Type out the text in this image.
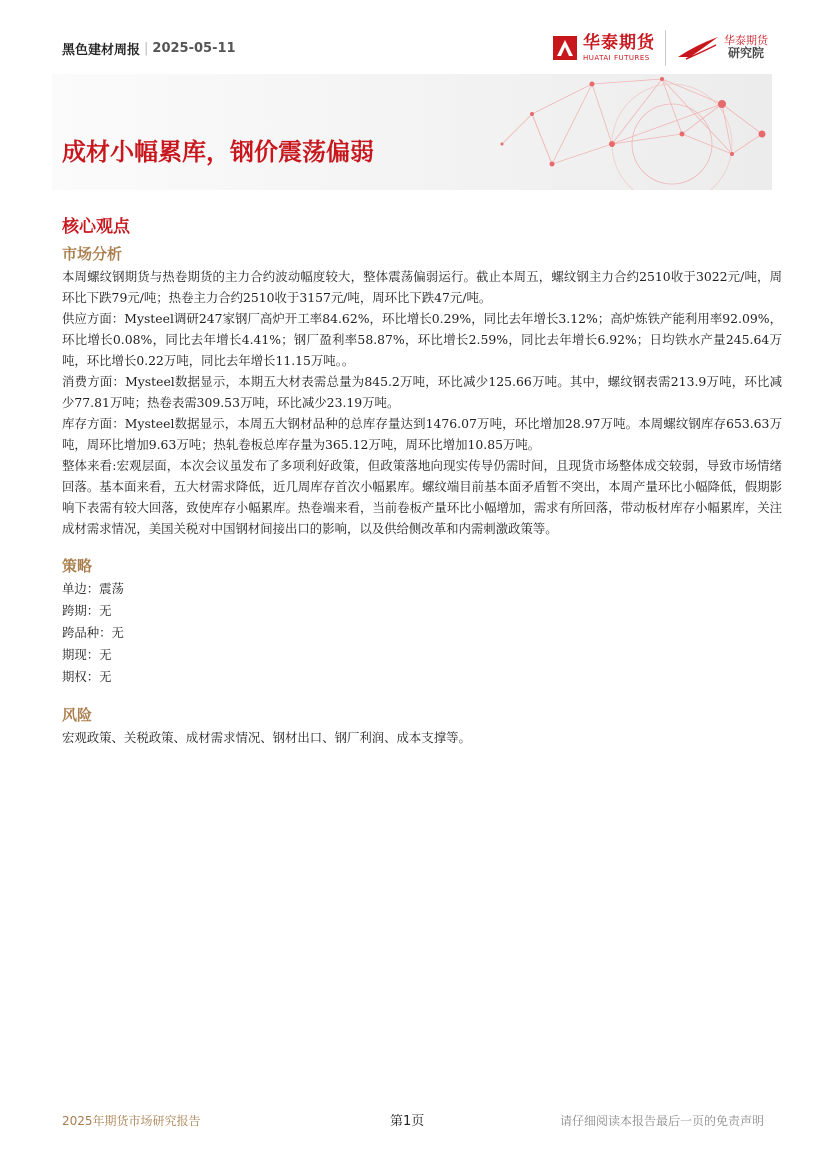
黑色建材周报 | 2025-05-11	华泰期货
HUATAI FUTURES
华泰期货
研究院
成材小幅累库，钢价震荡偏弱
核心观点
市场分析

本周螺纹钢期货与热卷期货的主力合约波动幅度较大，整体震荡偏弱运行。截止本周五，螺纹钢主力合约2510收于3022元/吨，周环比下跌79元/吨；热卷主力合约2510收于3157元/吨，周环比下跌47元/吨。

供应方面：Mysteel调研247家钢厂高炉开工率84.62%，环比增长0.29%，同比去年增长3.12%；高炉炼铁产能利用率92.09%，环比增长0.08%，同比去年增长4.41%；钢厂盈利率58.87%，环比增长2.59%，同比去年增长6.92%；日均铁水产量245.64万吨，环比增长0.22万吨，同比去年增长11.15万吨。。

消费方面：Mysteel数据显示，本期五大材表需总量为845.2万吨，环比减少125.66万吨。其中，螺纹钢表需213.9万吨，环比减少77.81万吨；热卷表需309.53万吨，环比减少23.19万吨。

库存方面：Mysteel数据显示，本周五大钢材品种的总库存量达到1476.07万吨，环比增加28.97万吨。本周螺纹钢库存653.63万吨，周环比增加9.63万吨；热轧卷板总库存量为365.12万吨，周环比增加10.85万吨。

整体来看:宏观层面，本次会议虽发布了多项利好政策，但政策落地向现实传导仍需时间，且现货市场整体成交较弱，导致市场情绪回落。基本面来看，五大材需求降低，近几周库存首次小幅累库。螺纹端目前基本面矛盾暂不突出，本周产量环比小幅降低，假期影响下表需有较大回落，致使库存小幅累库。热卷端来看，当前卷板产量环比小幅增加，需求有所回落，带动板材库存小幅累库，关注成材需求情况，美国关税对中国钢材间接出口的影响，以及供给侧改革和内需刺激政策等。

策略
单边：震荡
跨期：无
跨品种：无
期现：无
期权：无
风险

宏观政策、关税政策、成材需求情况、钢材出口、钢厂利润、成本支撑等。

2025年期货市场研究报告	第1页	请仔细阅读本报告最后一页的免责声明
